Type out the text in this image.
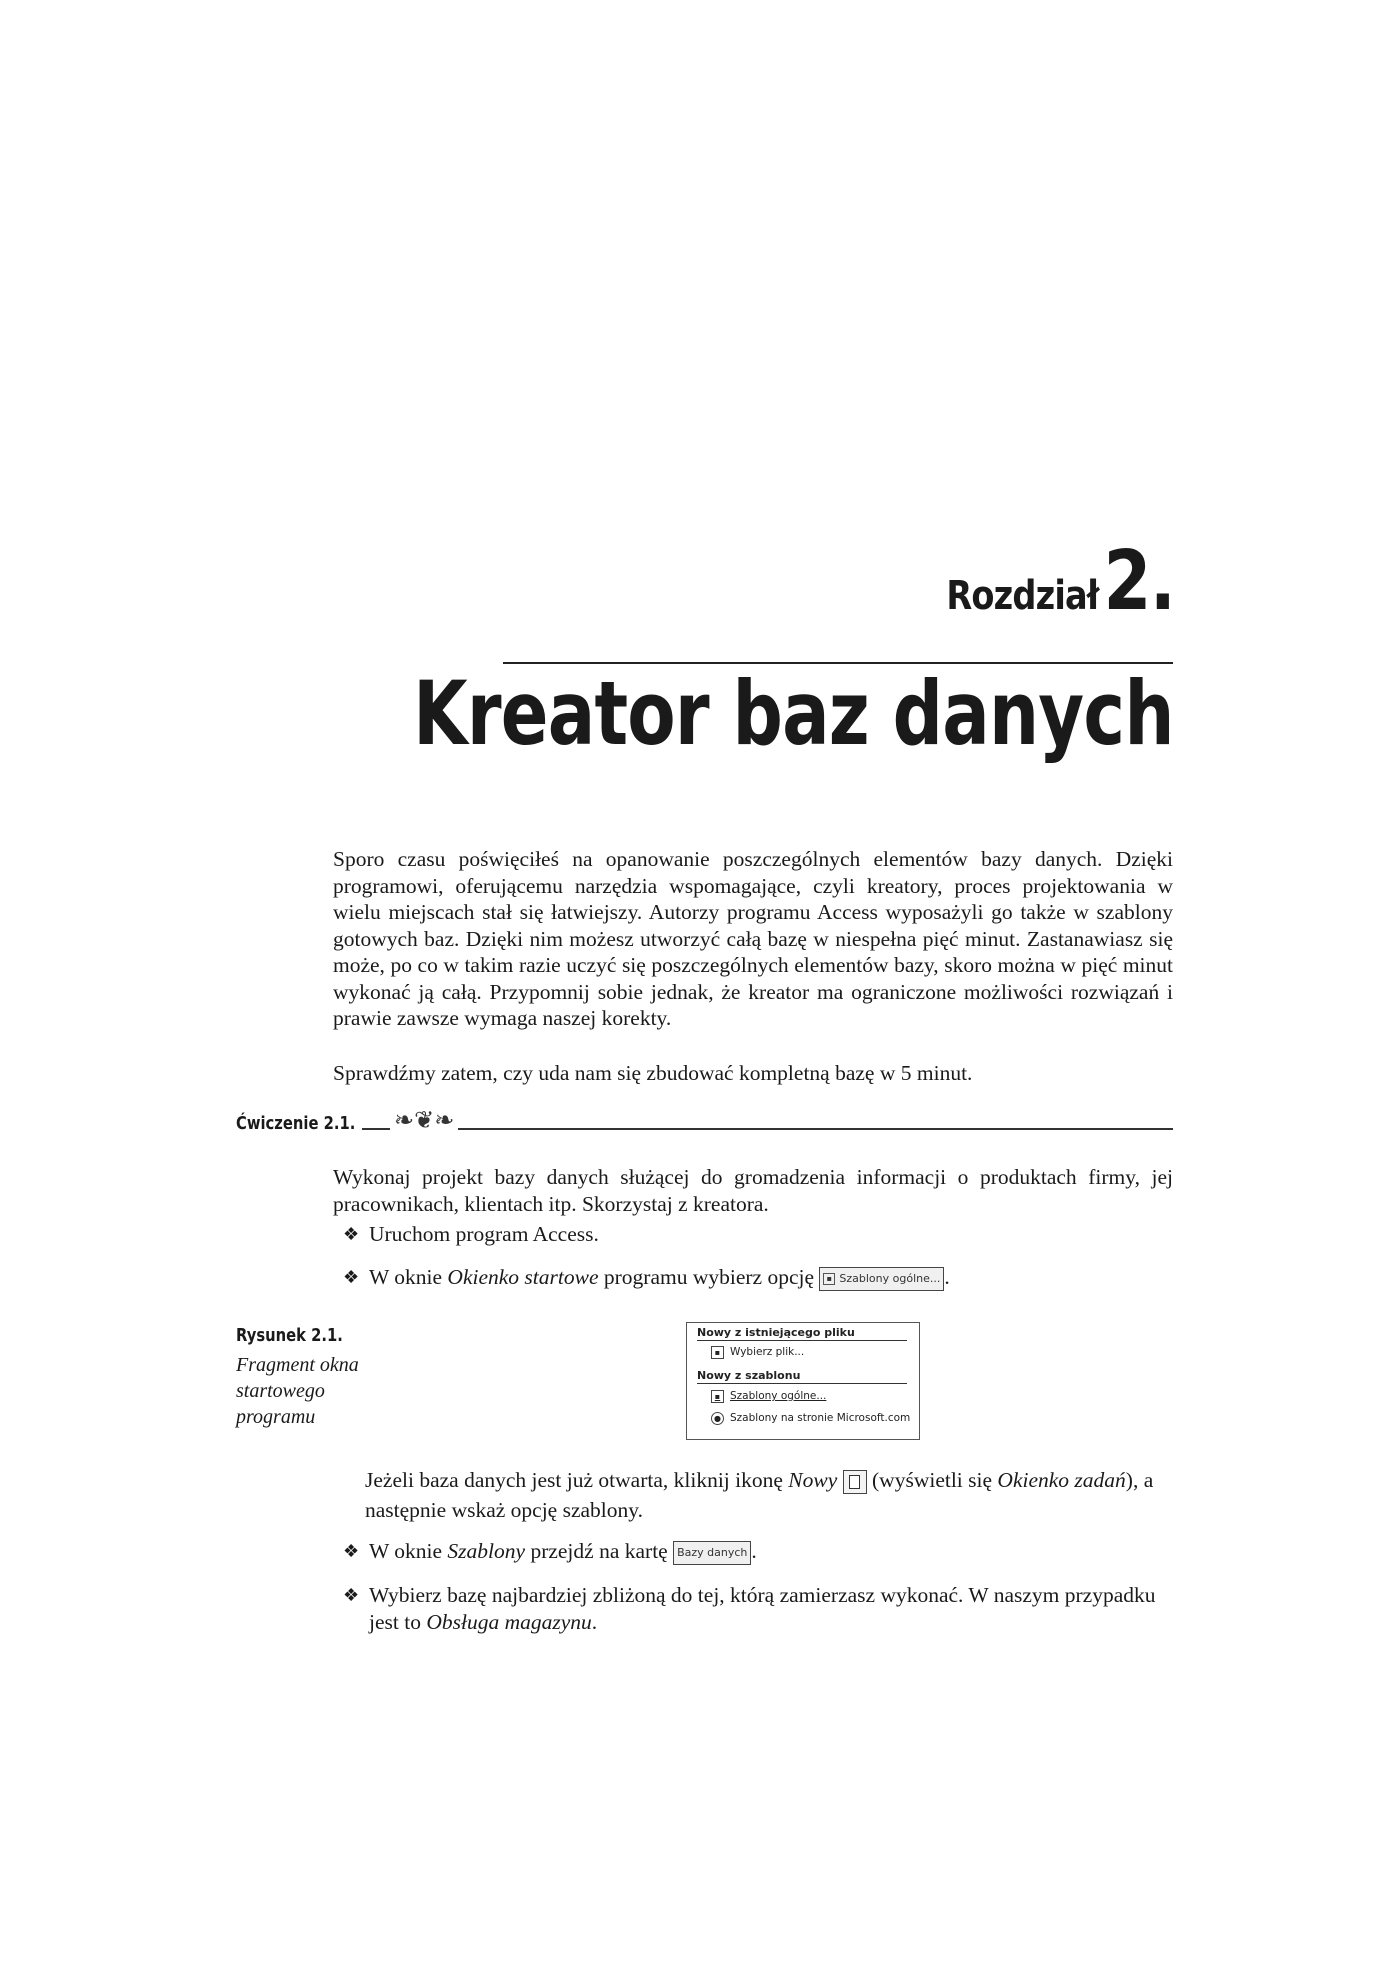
Rozdział 2.
Kreator baz danych
Sporo czasu poświęciłeś na opanowanie poszczególnych elementów bazy danych. Dzięki programowi, oferującemu narzędzia wspomagające, czyli kreatory, proces projektowania w wielu miejscach stał się łatwiejszy. Autorzy programu Access wyposażyli go także w szablony gotowych baz. Dzięki nim możesz utworzyć całą bazę w niespełna pięć minut. Zastanawiasz się może, po co w takim razie uczyć się poszczególnych elementów bazy, skoro można w pięć minut wykonać ją całą. Przypomnij sobie jednak, że kreator ma ograniczone możliwości rozwiązań i prawie zawsze wymaga naszej korekty.
Sprawdźmy zatem, czy uda nam się zbudować kompletną bazę w 5 minut.
Ćwiczenie 2.1. ❧❦❧
Wykonaj projekt bazy danych służącej do gromadzenia informacji o produktach firmy, jej pracownikach, klientach itp. Skorzystaj z kreatora.
❖ Uruchom program Access.
❖ W oknie Okienko startowe programu wybierz opcję ▪ Szablony ogólne... .
Rysunek 2.1.
Fragment okna startowego programu
Nowy z istniejącego pliku
▪ Wybierz plik...
Nowy z szablonu
▪ Szablony ogólne...
● Szablony na stronie Microsoft.com
Jeżeli baza danych jest już otwarta, kliknij ikonę Nowy
(wyświetli się Okienko zadań), a następnie wskaż opcję szablony.
❖ W oknie Szablony przejdź na kartę Bazy danych .
❖ Wybierz bazę najbardziej zbliżoną do tej, którą zamierzasz wykonać. W naszym przypadku jest to Obsługa magazynu.
